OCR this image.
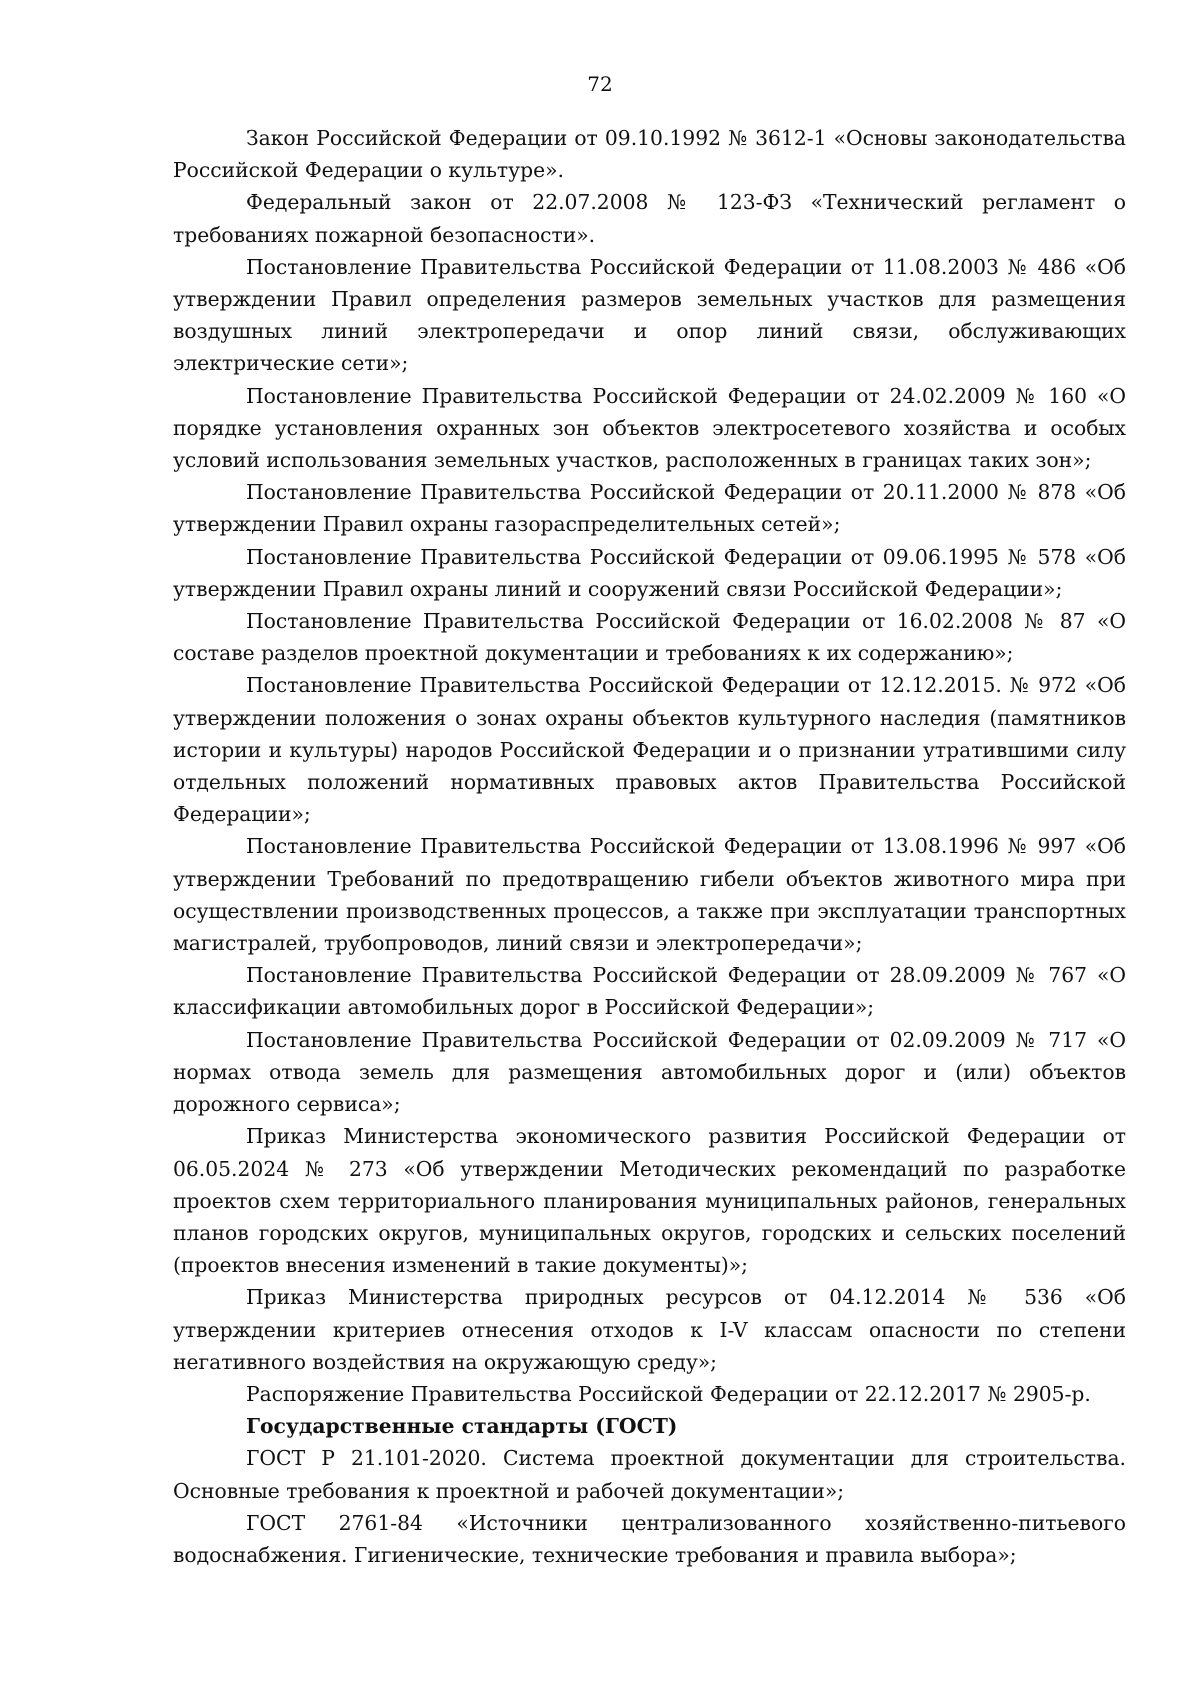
72

Закон Российской Федерации от 09.10.1992 № 3612-1 «Основы законодательства Российской Федерации о культуре».

Федеральный закон от 22.07.2008 № 123-ФЗ «Технический регламент о требованиях пожарной безопасности».

Постановление Правительства Российской Федерации от 11.08.2003 № 486 «Об утверждении Правил определения размеров земельных участков для размещения воздушных линий электропередачи и опор линий связи, обслуживающих электрические сети»;

Постановление Правительства Российской Федерации от 24.02.2009 № 160 «О порядке установления охранных зон объектов электросетевого хозяйства и особых условий использования земельных участков, расположенных в границах таких зон»;

Постановление Правительства Российской Федерации от 20.11.2000 № 878 «Об утверждении Правил охраны газораспределительных сетей»;

Постановление Правительства Российской Федерации от 09.06.1995 № 578 «Об утверждении Правил охраны линий и сооружений связи Российской Федерации»;

Постановление Правительства Российской Федерации от 16.02.2008 № 87 «О составе разделов проектной документации и требованиях к их содержанию»;

Постановление Правительства Российской Федерации от 12.12.2015. № 972 «Об утверждении положения о зонах охраны объектов культурного наследия (памятников истории и культуры) народов Российской Федерации и о признании утратившими силу отдельных положений нормативных правовых актов Правительства Российской Федерации»;

Постановление Правительства Российской Федерации от 13.08.1996 № 997 «Об утверждении Требований по предотвращению гибели объектов животного мира при осуществлении производственных процессов, а также при эксплуатации транспортных магистралей, трубопроводов, линий связи и электропередачи»;

Постановление Правительства Российской Федерации от 28.09.2009 № 767 «О классификации автомобильных дорог в Российской Федерации»;

Постановление Правительства Российской Федерации от 02.09.2009 № 717 «О нормах отвода земель для размещения автомобильных дорог и (или) объектов дорожного сервиса»;

Приказ Министерства экономического развития Российской Федерации от 06.05.2024 № 273 «Об утверждении Методических рекомендаций по разработке проектов схем территориального планирования муниципальных районов, генеральных планов городских округов, муниципальных округов, городских и сельских поселений (проектов внесения изменений в такие документы)»;

Приказ Министерства природных ресурсов от 04.12.2014 № 536 «Об утверждении критериев отнесения отходов к I-V классам опасности по степени негативного воздействия на окружающую среду»;

Распоряжение Правительства Российской Федерации от 22.12.2017 № 2905-р.

Государственные стандарты (ГОСТ)

ГОСТ Р 21.101-2020. Система проектной документации для строительства. Основные требования к проектной и рабочей документации»;

ГОСТ 2761-84 «Источники централизованного хозяйственно-питьевого водоснабжения. Гигиенические, технические требования и правила выбора»;
